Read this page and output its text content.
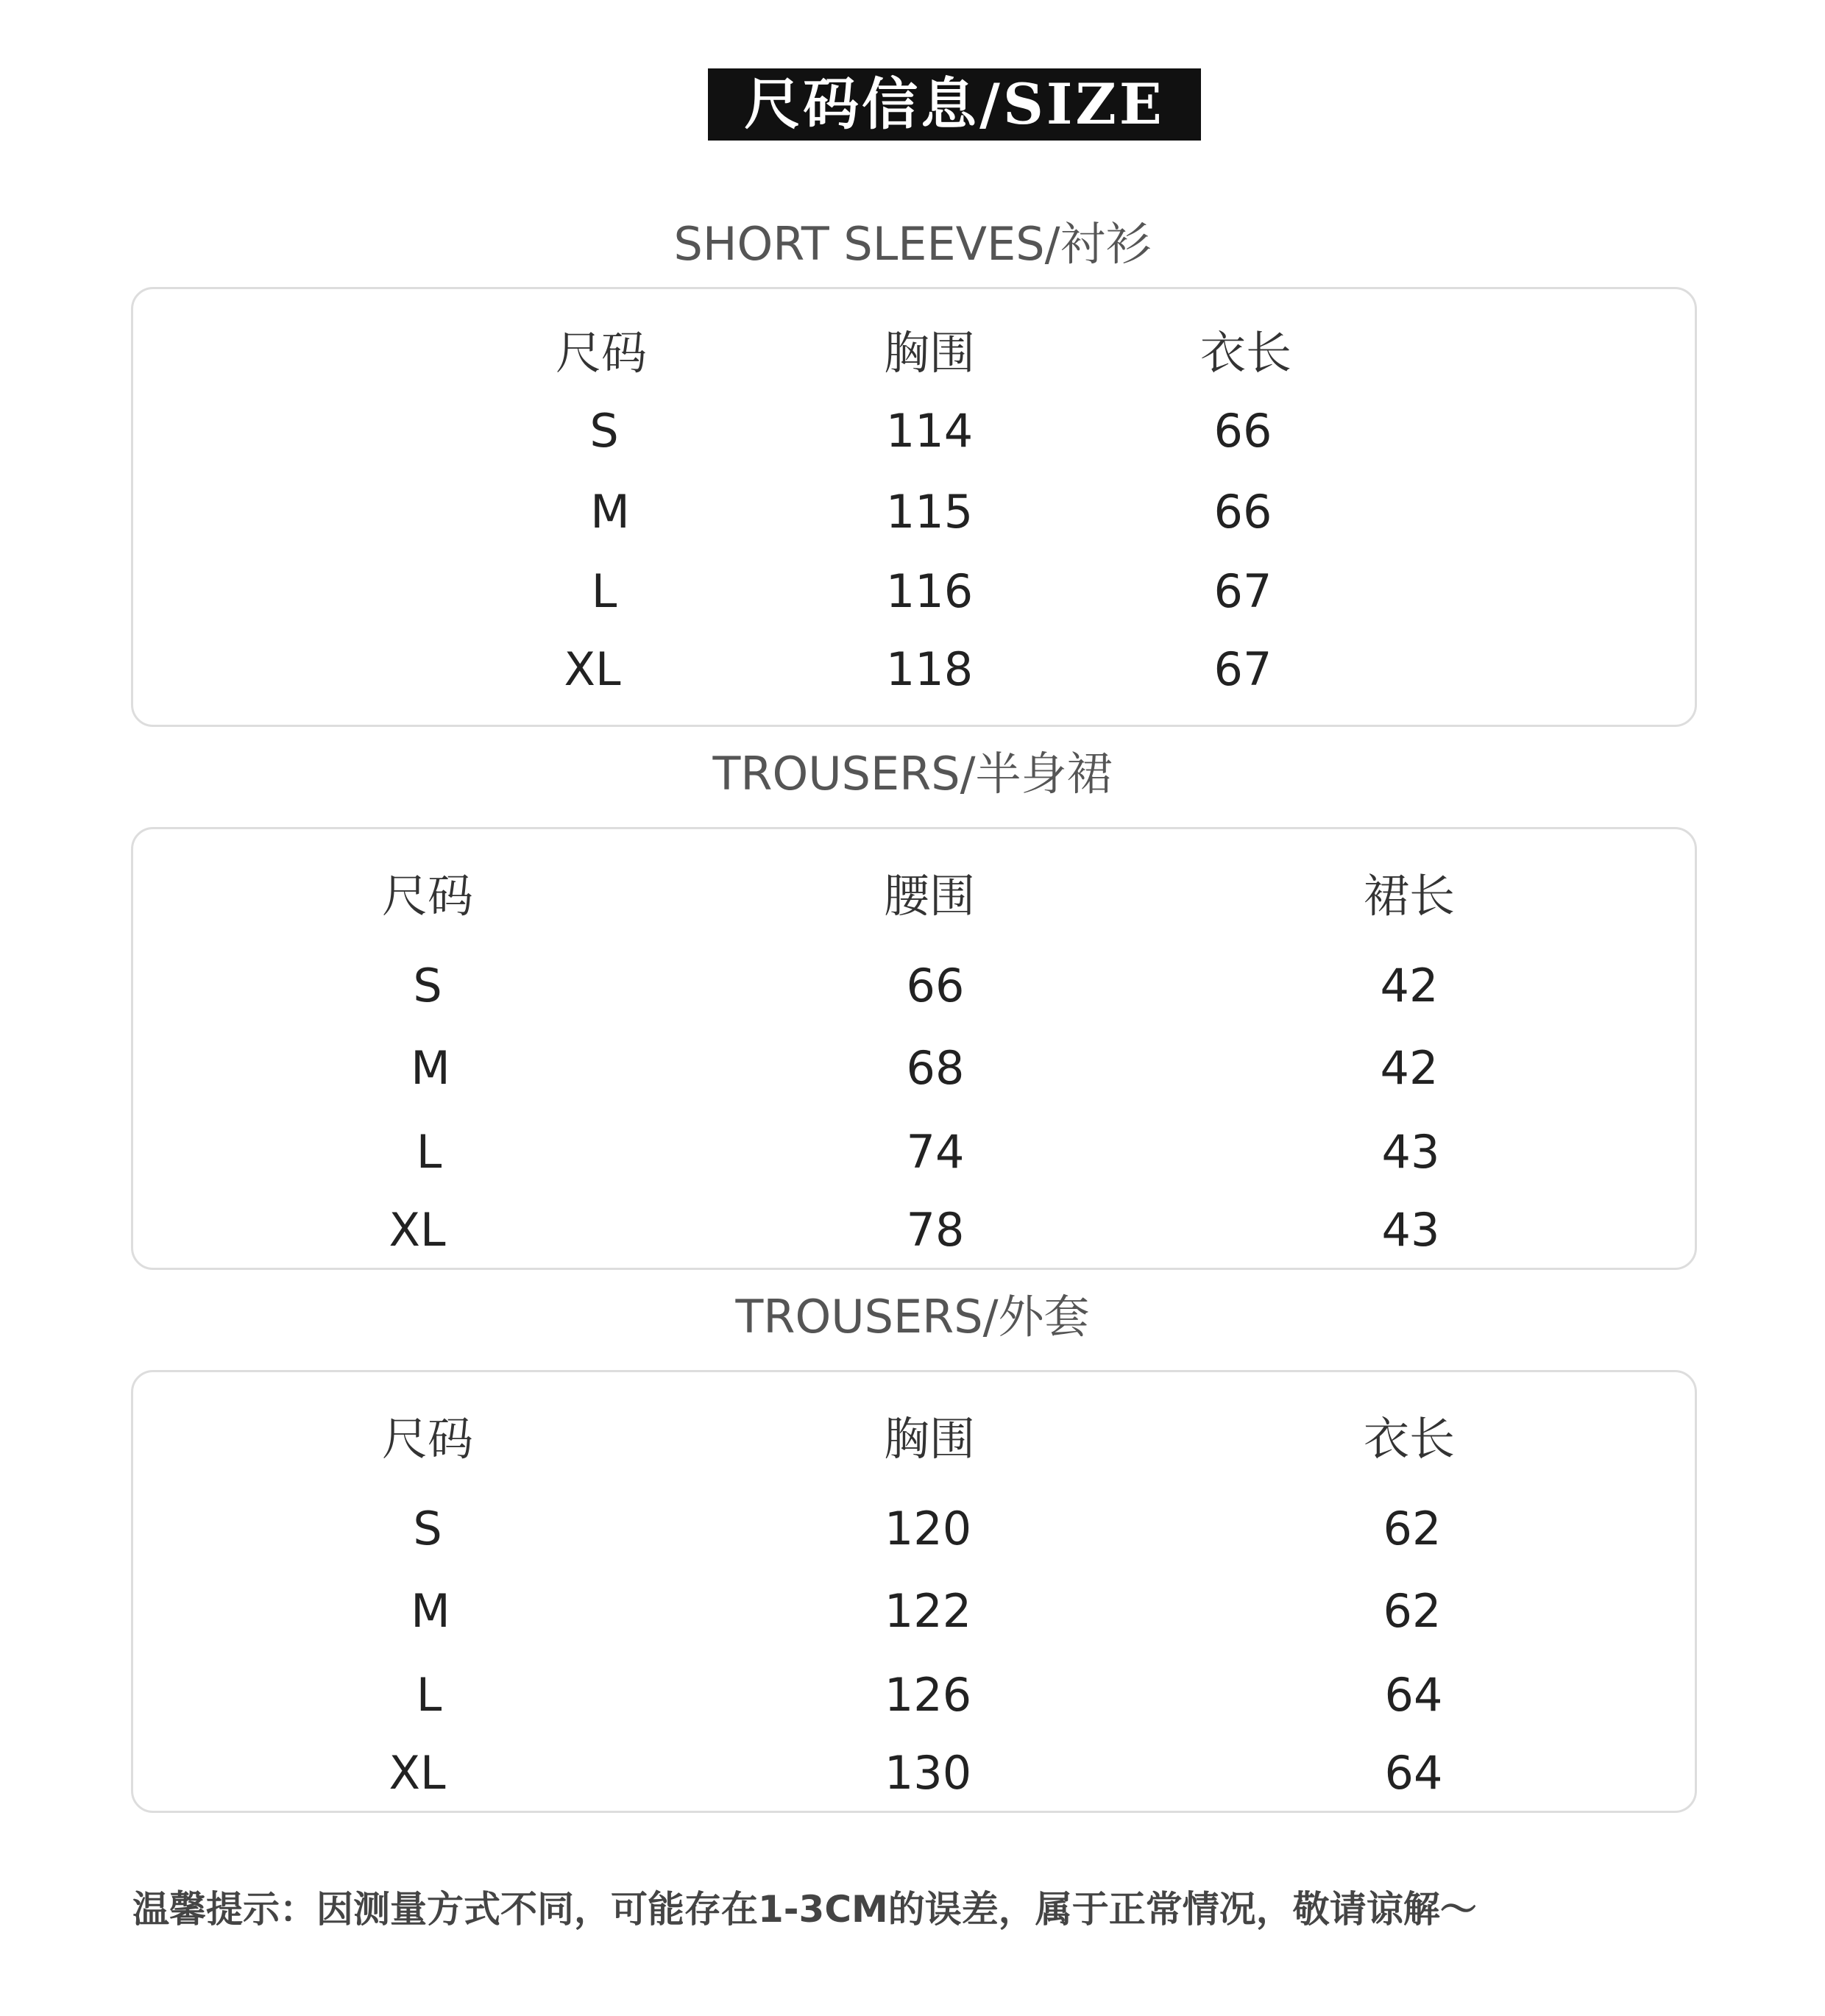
尺码信息/SIZE
SHORT SLEEVES/衬衫
尺码	胸围	衣长
S	114	66
M	115	66
L	116	67
XL	118	67
TROUSERS/半身裙
尺码	腰围	裙长
S	66	42
M	68	42
L	74	43
XL	78	43
TROUSERS/外套
尺码	胸围	衣长
S	120	62
M	122	62
L	126	64
XL	130	64
温馨提示：因测量方式不同，可能存在1-3CM的误差，属于正常情况，敬请谅解～
